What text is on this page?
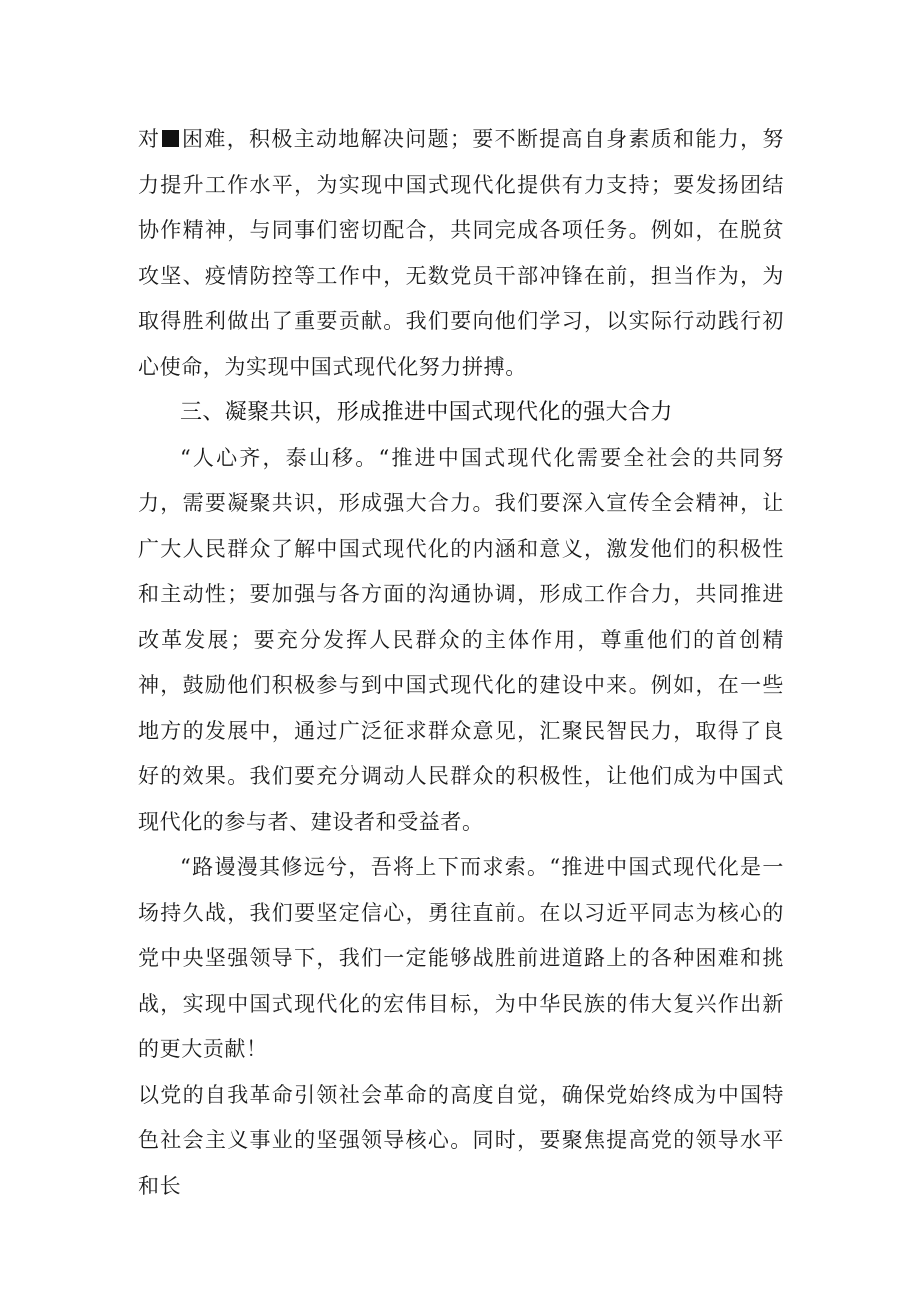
对 困难，积极主动地解决问题；要不断提高自身素质和能力，努力提升工作水平，为实现中国式现代化提供有力支持；要发扬团结协作精神，与同事们密切配合，共同完成各项任务。例如，在脱贫攻坚、疫情防控等工作中，无数党员干部冲锋在前，担当作为，为取得胜利做出了重要贡献。我们要向他们学习，以实际行动践行初心使命，为实现中国式现代化努力拼搏。

三、凝聚共识，形成推进中国式现代化的强大合力

“人心齐，泰山移。“推进中国式现代化需要全社会的共同努力，需要凝聚共识，形成强大合力。我们要深入宣传全会精神，让广大人民群众了解中国式现代化的内涵和意义，激发他们的积极性和主动性；要加强与各方面的沟通协调，形成工作合力，共同推进改革发展；要充分发挥人民群众的主体作用，尊重他们的首创精神，鼓励他们积极参与到中国式现代化的建设中来。例如，在一些地方的发展中，通过广泛征求群众意见，汇聚民智民力，取得了良好的效果。我们要充分调动人民群众的积极性，让他们成为中国式现代化的参与者、建设者和受益者。

“路谩漫其修远兮，吾将上下而求索。“推进中国式现代化是一场持久战，我们要坚定信心，勇往直前。在以习近平同志为核心的党中央坚强领导下，我们一定能够战胜前进道路上的各种困难和挑战，实现中国式现代化的宏伟目标，为中华民族的伟大复兴作出新的更大贡献！

以党的自我革命引领社会革命的高度自觉，确保党始终成为中国特色社会主义事业的坚强领导核心。同时，要聚焦提高党的领导水平和长
